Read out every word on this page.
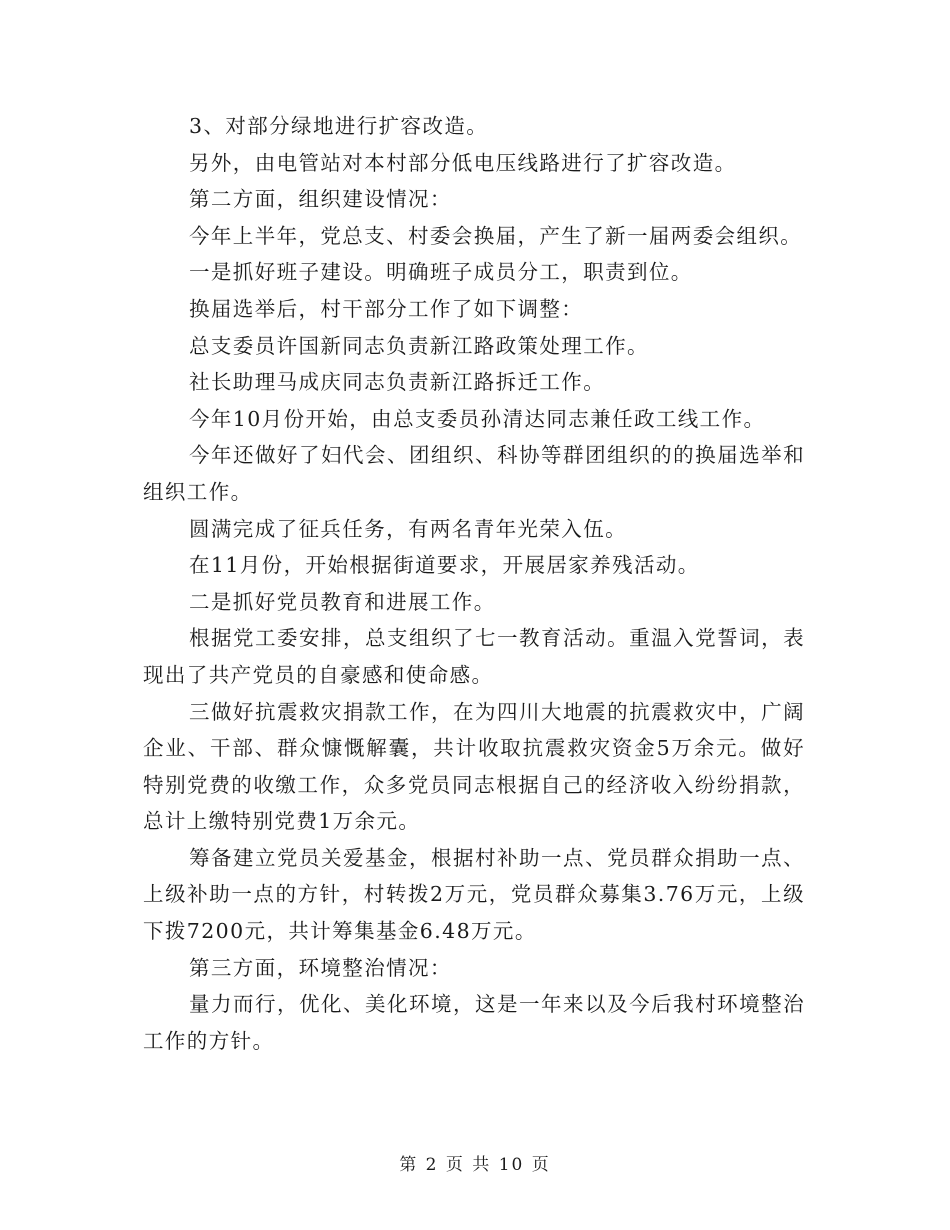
3、对部分绿地进行扩容改造。

另外，由电管站对本村部分低电压线路进行了扩容改造。

第二方面，组织建设情况：

今年上半年，党总支、村委会换届，产生了新一届两委会组织。

一是抓好班子建设。明确班子成员分工，职责到位。

换届选举后，村干部分工作了如下调整：

总支委员许国新同志负责新江路政策处理工作。

社长助理马成庆同志负责新江路拆迁工作。

今年10月份开始，由总支委员孙清达同志兼任政工线工作。

今年还做好了妇代会、团组织、科协等群团组织的的换届选举和组织工作。

圆满完成了征兵任务，有两名青年光荣入伍。

在11月份，开始根据街道要求，开展居家养残活动。

二是抓好党员教育和进展工作。

根据党工委安排，总支组织了七一教育活动。重温入党誓词，表现出了共产党员的自豪感和使命感。

三做好抗震救灾捐款工作，在为四川大地震的抗震救灾中，广阔企业、干部、群众慷慨解囊，共计收取抗震救灾资金5万余元。做好特别党费的收缴工作，众多党员同志根据自己的经济收入纷纷捐款，总计上缴特别党费1万余元。

筹备建立党员关爱基金，根据村补助一点、党员群众捐助一点、上级补助一点的方针，村转拨2万元，党员群众募集3.76万元，上级下拨7200元，共计筹集基金6.48万元。

第三方面，环境整治情况：

量力而行，优化、美化环境，这是一年来以及今后我村环境整治工作的方针。

第 2 页 共 10 页
